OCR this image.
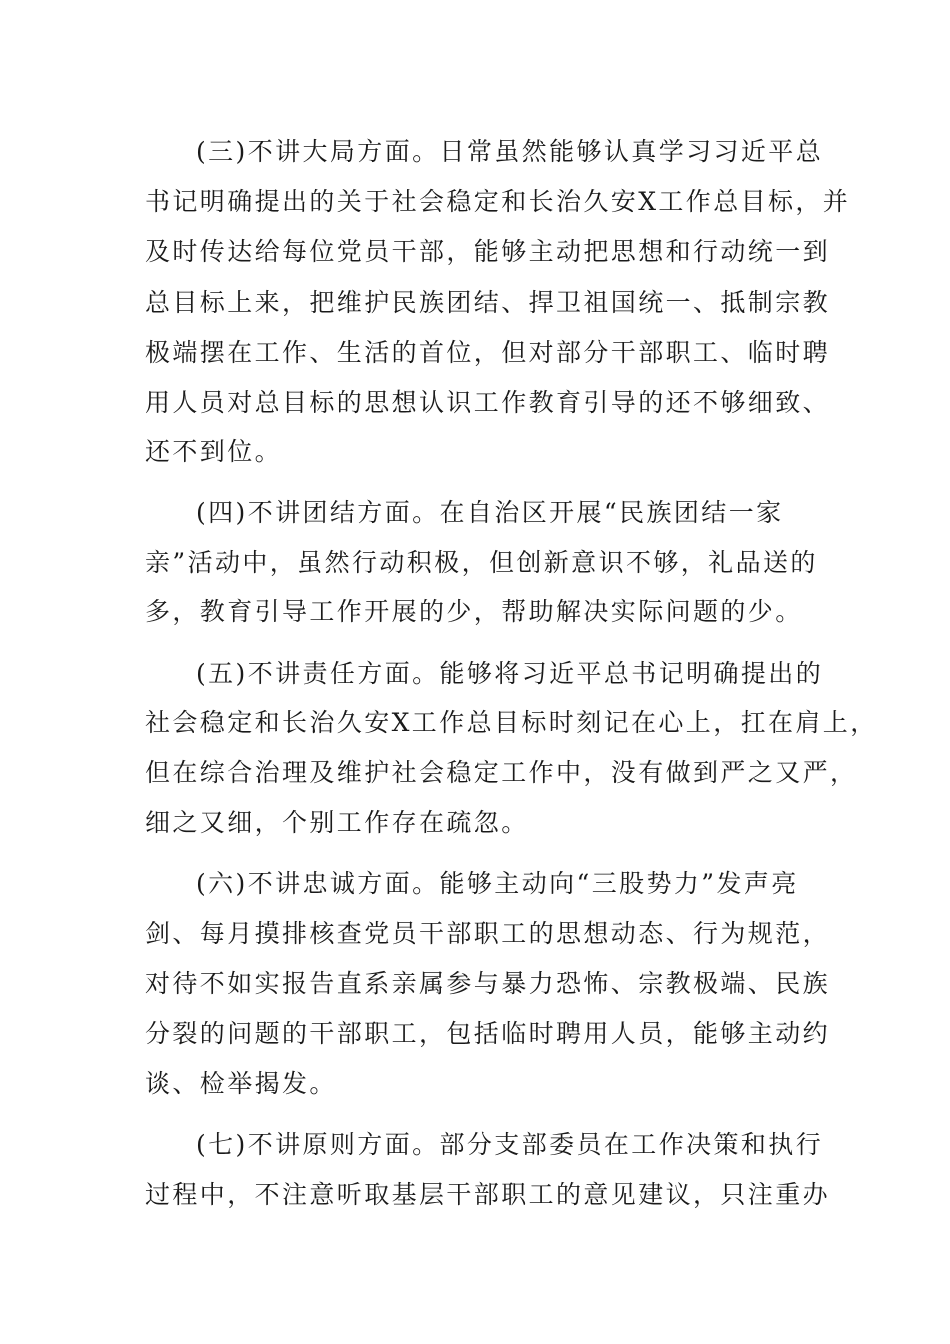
(三)不讲大局方面。日常虽然能够认真学习习近平总
书记明确提出的关于社会稳定和长治久安X工作总目标，并
及时传达给每位党员干部，能够主动把思想和行动统一到
总目标上来，把维护民族团结、捍卫祖国统一、抵制宗教
极端摆在工作、生活的首位，但对部分干部职工、临时聘
用人员对总目标的思想认识工作教育引导的还不够细致、
还不到位。
(四)不讲团结方面。在自治区开展“民族团结一家
亲”活动中，虽然行动积极，但创新意识不够，礼品送的
多，教育引导工作开展的少，帮助解决实际问题的少。
(五)不讲责任方面。能够将习近平总书记明确提出的
社会稳定和长治久安X工作总目标时刻记在心上，扛在肩上，
但在综合治理及维护社会稳定工作中，没有做到严之又严，
细之又细，个别工作存在疏忽。
(六)不讲忠诚方面。能够主动向“三股势力”发声亮
剑、每月摸排核查党员干部职工的思想动态、行为规范，
对待不如实报告直系亲属参与暴力恐怖、宗教极端、民族
分裂的问题的干部职工，包括临时聘用人员，能够主动约
谈、检举揭发。
(七)不讲原则方面。部分支部委员在工作决策和执行
过程中，不注意听取基层干部职工的意见建议，只注重办
